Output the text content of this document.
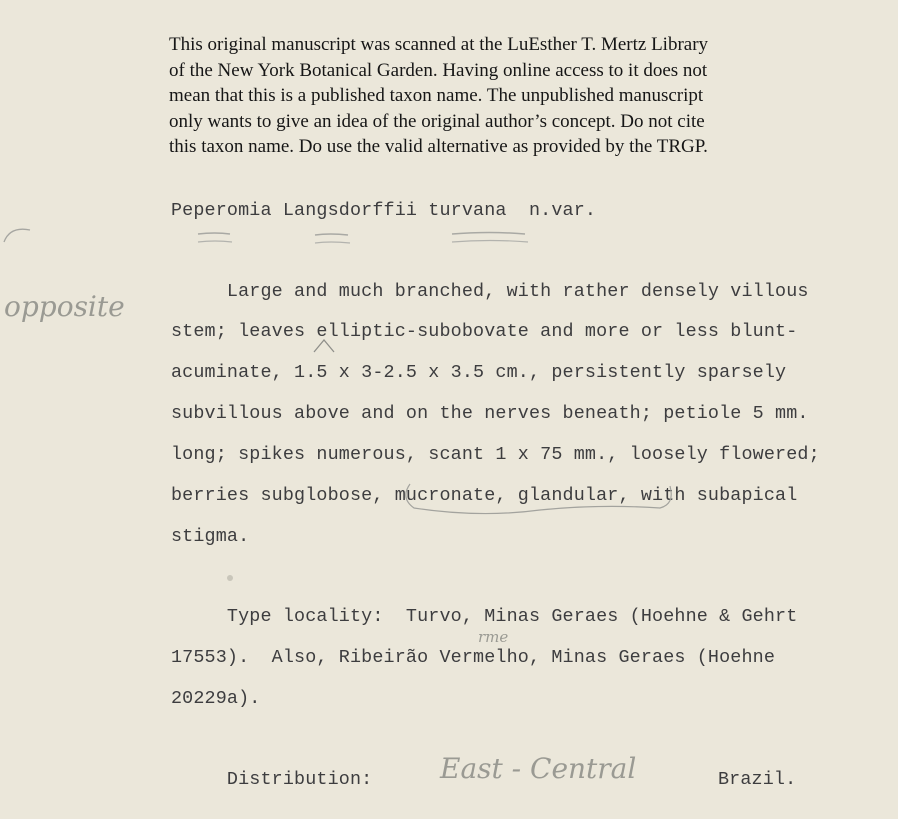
This original manuscript was scanned at the LuEsther T. Mertz Library
of the New York Botanical Garden. Having online access to it does not
mean that this is a published taxon name. The unpublished manuscript
only wants to give an idea of the original author’s concept. Do not cite
this taxon name. Do use the valid alternative as provided by the TRGP.
Peperomia Langsdorffii turvana  n.var.
Large and much branched, with rather densely villous
stem; leaves elliptic-subobovate and more or less blunt-
acuminate, 1.5 x 3-2.5 x 3.5 cm., persistently sparsely
subvillous above and on the nerves beneath; petiole 5 mm.
long; spikes numerous, scant 1 x 75 mm., loosely flowered;
berries subglobose, mucronate, glandular, with subapical
stigma.
opposite
Type locality:  Turvo, Minas Geraes (Hoehne & Gehrt
17553).  Also, Ribeirão Vermelho, Minas Geraes (Hoehne
20229a).
rme
Distribution: East - Central	Brazil.
